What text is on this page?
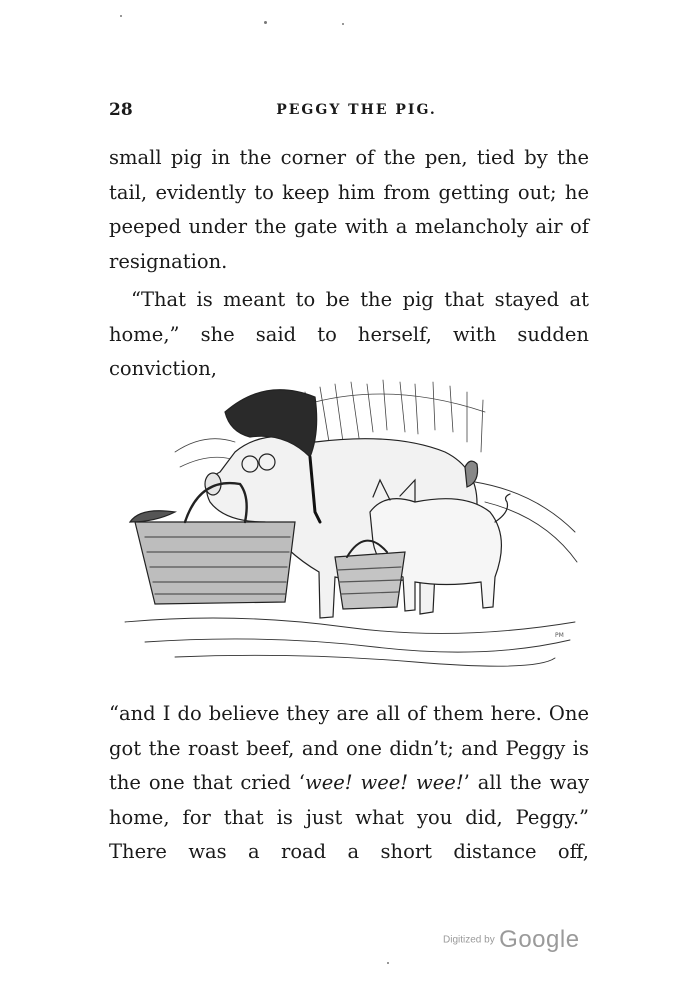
28	PEGGY THE PIG.

small pig in the corner of the pen, tied by the tail, evidently to keep him from getting out; he peeped under the gate with a melancholy air of resignation.

“That is meant to be the pig that stayed at home,” she said to herself, with sudden conviction,

PM

“and I do believe they are all of them here. One got the roast beef, and one didn’t; and Peggy is the one that cried ‘wee! wee! wee!’ all the way home, for that is just what you did, Peggy.” There was a road a short distance off,

Digitized by Google
